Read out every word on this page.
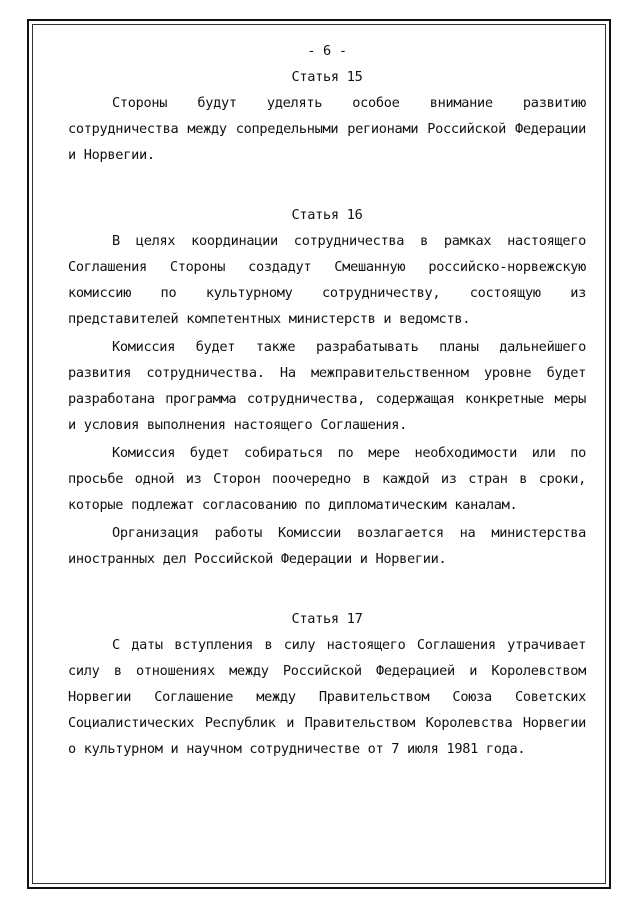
- 6 -
Статья 15

Стороны будут уделять особое внимание развитию сотрудничества между сопредельными регионами Российской Федерации и Норвегии.

Статья 16

В целях координации сотрудничества в рамках настоящего Соглашения Стороны создадут Смешанную российско-норвежскую комиссию по культурному сотрудничеству, состоящую из представителей компетентных министерств и ведомств.

Комиссия будет также разрабатывать планы дальнейшего развития сотрудничества. На межправительственном уровне будет разработана программа сотрудничества, содержащая конкретные меры и условия выполнения настоящего Соглашения.

Комиссия будет собираться по мере необходимости или по просьбе одной из Сторон поочередно в каждой из стран в сроки, которые подлежат согласованию по дипломатическим каналам.

Организация работы Комиссии возлагается на министерства иностранных дел Российской Федерации и Норвегии.

Статья 17

С даты вступления в силу настоящего Соглашения утрачивает силу в отношениях между Российской Федерацией и Королевством Норвегии Соглашение между Правительством Союза Советских Социалистических Республик и Правительством Королевства Норвегии о культурном и научном сотрудничестве от 7 июля 1981 года.
